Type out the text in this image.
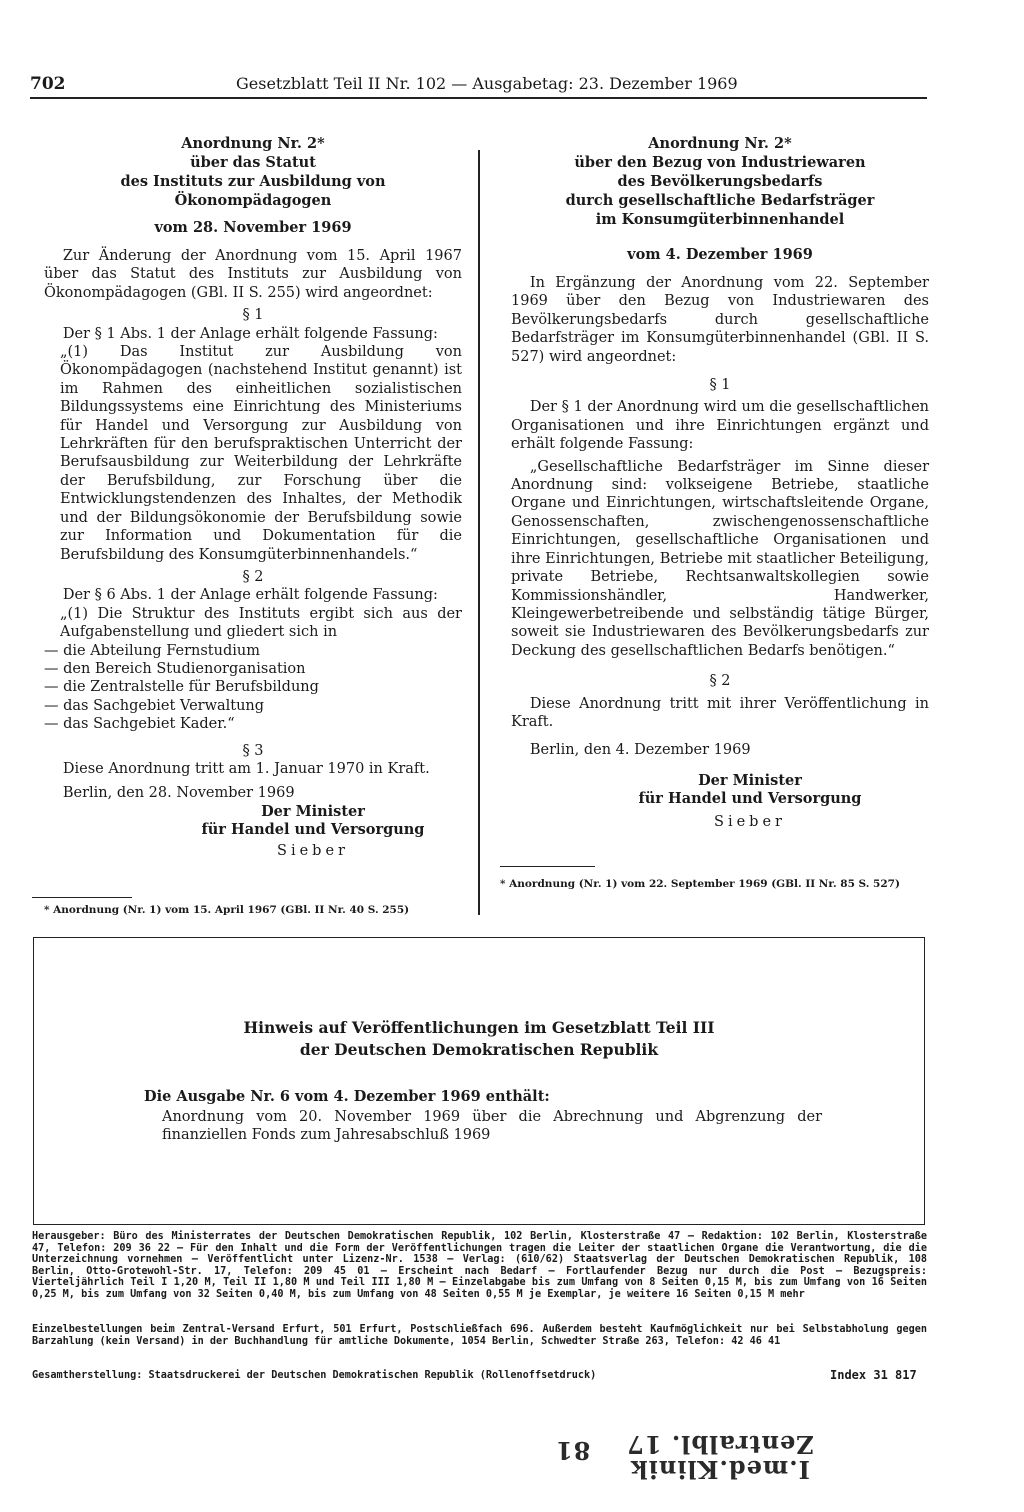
702	Gesetzblatt Teil II Nr. 102 — Ausgabetag: 23. Dezember 1969
Anordnung Nr. 2*
über das Statut
des Instituts zur Ausbildung von Ökonompädagogen
vom 28. November 1969

Zur Änderung der Anordnung vom 15. April 1967 über das Statut des Instituts zur Ausbildung von Ökonompädagogen (GBl. II S. 255) wird angeordnet:

§ 1

Der § 1 Abs. 1 der Anlage erhält folgende Fassung:

„(1) Das Institut zur Ausbildung von Ökonompädagogen (nachstehend Institut genannt) ist im Rahmen des einheitlichen sozialistischen Bildungssystems eine Einrichtung des Ministeriums für Handel und Versorgung zur Ausbildung von Lehrkräften für den berufspraktischen Unterricht der Berufsausbildung zur Weiterbildung der Lehrkräfte der Berufsbildung, zur Forschung über die Entwicklungstendenzen des Inhaltes, der Methodik und der Bildungsökonomie der Berufsbildung sowie zur Information und Dokumentation für die Berufsbildung des Konsumgüterbinnenhandels.“

§ 2

Der § 6 Abs. 1 der Anlage erhält folgende Fassung:

„(1) Die Struktur des Instituts ergibt sich aus der Aufgabenstellung und gliedert sich in

— die Abteilung Fernstudium

— den Bereich Studienorganisation

— die Zentralstelle für Berufsbildung

— das Sachgebiet Verwaltung

— das Sachgebiet Kader.“

§ 3

Diese Anordnung tritt am 1. Januar 1970 in Kraft.

Berlin, den 28. November 1969

Der Minister

für Handel und Versorgung

Sieber

* Anordnung (Nr. 1) vom 15. April 1967 (GBl. II Nr. 40 S. 255)
Anordnung Nr. 2*
über den Bezug von Industriewaren
des Bevölkerungsbedarfs
durch gesellschaftliche Bedarfsträger
im Konsumgüterbinnenhandel
vom 4. Dezember 1969

In Ergänzung der Anordnung vom 22. September 1969 über den Bezug von Industriewaren des Bevölkerungsbedarfs durch gesellschaftliche Bedarfsträger im Konsumgüterbinnenhandel (GBl. II S. 527) wird angeordnet:

§ 1

Der § 1 der Anordnung wird um die gesellschaftlichen Organisationen und ihre Einrichtungen ergänzt und erhält folgende Fassung:

„Gesellschaftliche Bedarfsträger im Sinne dieser Anordnung sind: volkseigene Betriebe, staatliche Organe und Einrichtungen, wirtschaftsleitende Organe, Genossenschaften, zwischengenossenschaftliche Einrichtungen, gesellschaftliche Organisationen und ihre Einrichtungen, Betriebe mit staatlicher Beteiligung, private Betriebe, Rechtsanwaltskollegien sowie Kommissionshändler, Handwerker, Kleingewerbetreibende und selbständig tätige Bürger, soweit sie Industriewaren des Bevölkerungsbedarfs zur Deckung des gesellschaftlichen Bedarfs benötigen.“

§ 2

Diese Anordnung tritt mit ihrer Veröffentlichung in Kraft.

Berlin, den 4. Dezember 1969

Der Minister

für Handel und Versorgung

Sieber

* Anordnung (Nr. 1) vom 22. September 1969 (GBl. II Nr. 85 S. 527)
Hinweis auf Veröffentlichungen im Gesetzblatt Teil III
der Deutschen Demokratischen Republik
Die Ausgabe Nr. 6 vom 4. Dezember 1969 enthält:
Anordnung vom 20. November 1969 über die Abrechnung und Abgrenzung der finanziellen Fonds zum Jahresabschluß 1969
Herausgeber: Büro des Ministerrates der Deutschen Demokratischen Republik, 102 Berlin, Klosterstraße 47 – Redaktion: 102 Berlin, Klosterstraße 47, Telefon: 209 36 22 – Für den Inhalt und die Form der Veröffentlichungen tragen die Leiter der staatlichen Organe die Verantwortung, die die Unterzeichnung vornehmen – Veröffentlicht unter Lizenz-Nr. 1538 – Verlag: (610/62) Staatsverlag der Deutschen Demokratischen Republik, 108 Berlin, Otto-Grotewohl-Str. 17, Telefon: 209 45 01 – Erscheint nach Bedarf – Fortlaufender Bezug nur durch die Post – Bezugspreis: Vierteljährlich Teil I 1,20 M, Teil II 1,80 M und Teil III 1,80 M – Einzelabgabe bis zum Umfang von 8 Seiten 0,15 M, bis zum Umfang von 16 Seiten 0,25 M, bis zum Umfang von 32 Seiten 0,40 M, bis zum Umfang von 48 Seiten 0,55 M je Exemplar, je weitere 16 Seiten 0,15 M mehr
Einzelbestellungen beim Zentral-Versand Erfurt, 501 Erfurt, Postschließfach 696. Außerdem besteht Kaufmöglichkeit nur bei Selbstabholung gegen Barzahlung (kein Versand) in der Buchhandlung für amtliche Dokumente, 1054 Berlin, Schwedter Straße 263, Telefon: 42 46 41
Gesamtherstellung: Staatsdruckerei der Deutschen Demokratischen Republik (Rollenoffsetdruck)	Index 31 817
I.med.Klinik
Zentralbl. 17
81
